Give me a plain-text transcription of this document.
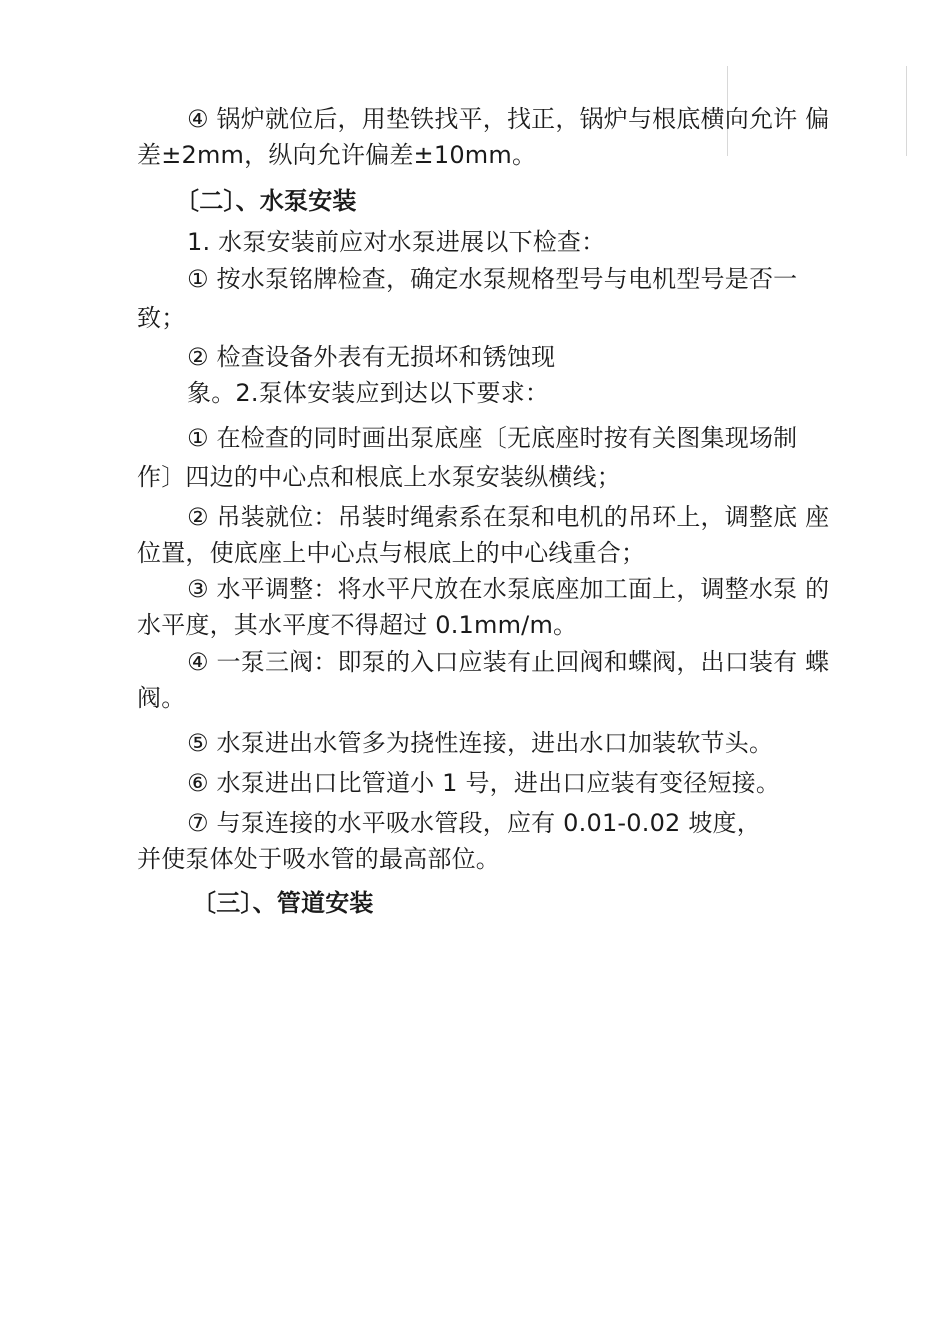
④ 锅炉就位后，用垫铁找平，找正，锅炉与根底横向允许 偏
差±2mm，纵向允许偏差±10mm。
〔二〕、水泵安装
1. 水泵安装前应对水泵进展以下检查：
① 按水泵铭牌检查，确定水泵规格型号与电机型号是否一
致；
② 检查设备外表有无损坏和锈蚀现
象。2.泵体安装应到达以下要求：
① 在检查的同时画出泵底座〔无底座时按有关图集现场制
作〕四边的中心点和根底上水泵安装纵横线；
② 吊装就位：吊装时绳索系在泵和电机的吊环上，调整底 座
位置，使底座上中心点与根底上的中心线重合；
③ 水平调整：将水平尺放在水泵底座加工面上，调整水泵 的
水平度，其水平度不得超过 0.1mm/m。
④ 一泵三阀：即泵的入口应装有止回阀和蝶阀，出口装有 蝶
阀。
⑤ 水泵进出水管多为挠性连接，进出水口加装软节头。
⑥ 水泵进出口比管道小 1 号，进出口应装有变径短接。
⑦ 与泵连接的水平吸水管段，应有 0.01-0.02 坡度，
并使泵体处于吸水管的最高部位。
〔三〕、管道安装
